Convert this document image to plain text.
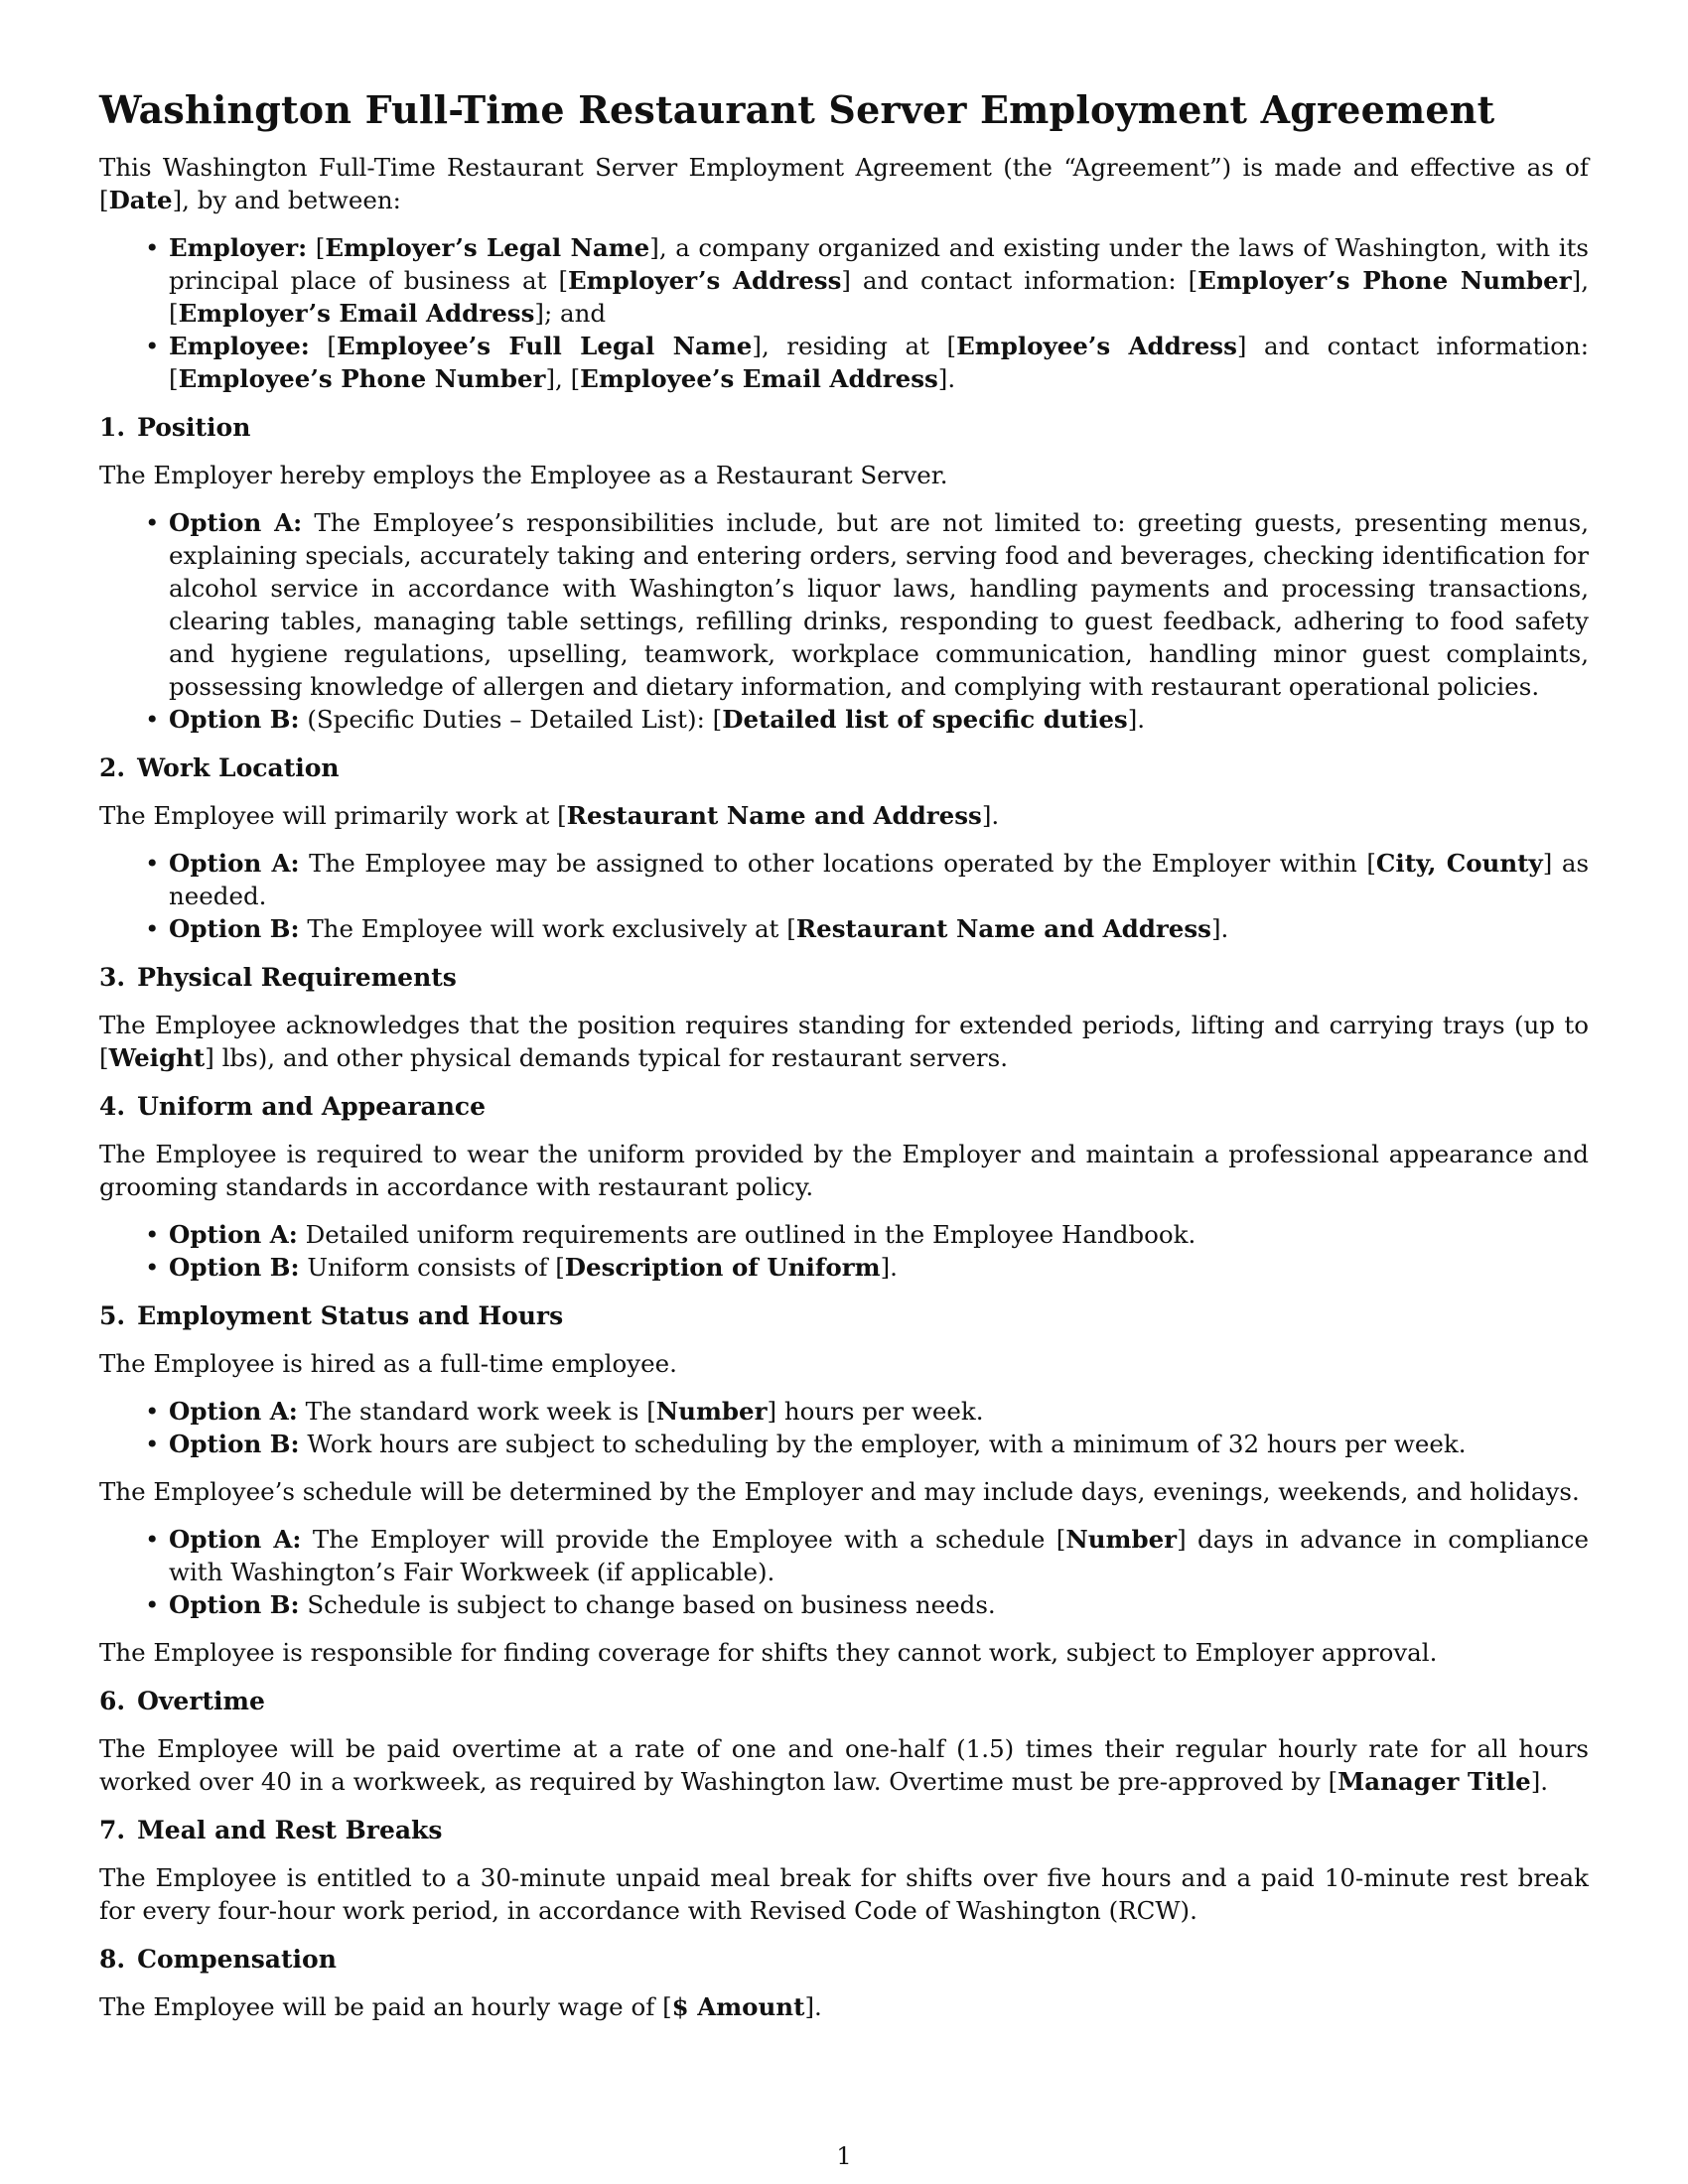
Washington Full-Time Restaurant Server Employment Agreement

This Washington Full-Time Restaurant Server Employment Agreement (the “Agreement”) is made and effective as of [Date], by and between:

• Employer: [Employer’s Legal Name], a company organized and existing under the laws of Washington, with its principal place of business at [Employer’s Address] and contact information: [Employer’s Phone Number], [Employer’s Email Address]; and
• Employee: [Employee’s Full Legal Name], residing at [Employee’s Address] and contact information: [Employee’s Phone Number], [Employee’s Email Address].
1. Position

The Employer hereby employs the Employee as a Restaurant Server.

• Option A: The Employee’s responsibilities include, but are not limited to: greeting guests, presenting menus, explaining specials, accurately taking and entering orders, serving food and beverages, checking identification for alcohol service in accordance with Washington’s liquor laws, handling payments and processing transactions, clearing tables, managing table settings, refilling drinks, responding to guest feedback, adhering to food safety and hygiene regulations, upselling, teamwork, workplace communication, handling minor guest complaints, possessing knowledge of allergen and dietary information, and complying with restaurant operational policies.
• Option B: (Specific Duties – Detailed List): [Detailed list of specific duties].
2. Work Location

The Employee will primarily work at [Restaurant Name and Address].

• Option A: The Employee may be assigned to other locations operated by the Employer within [City, County] as needed.
• Option B: The Employee will work exclusively at [Restaurant Name and Address].
3. Physical Requirements

The Employee acknowledges that the position requires standing for extended periods, lifting and carrying trays (up to [Weight] lbs), and other physical demands typical for restaurant servers.

4. Uniform and Appearance

The Employee is required to wear the uniform provided by the Employer and maintain a professional appearance and grooming standards in accordance with restaurant policy.

• Option A: Detailed uniform requirements are outlined in the Employee Handbook.
• Option B: Uniform consists of [Description of Uniform].
5. Employment Status and Hours

The Employee is hired as a full-time employee.

• Option A: The standard work week is [Number] hours per week.
• Option B: Work hours are subject to scheduling by the employer, with a minimum of 32 hours per week.

The Employee’s schedule will be determined by the Employer and may include days, evenings, weekends, and holidays.

• Option A: The Employer will provide the Employee with a schedule [Number] days in advance in compliance with Washington’s Fair Workweek (if applicable).
• Option B: Schedule is subject to change based on business needs.

The Employee is responsible for finding coverage for shifts they cannot work, subject to Employer approval.

6. Overtime

The Employee will be paid overtime at a rate of one and one-half (1.5) times their regular hourly rate for all hours worked over 40 in a workweek, as required by Washington law. Overtime must be pre-approved by [Manager Title].

7. Meal and Rest Breaks

The Employee is entitled to a 30-minute unpaid meal break for shifts over five hours and a paid 10-minute rest break for every four-hour work period, in accordance with Revised Code of Washington (RCW).

8. Compensation

The Employee will be paid an hourly wage of [$ Amount].

1
